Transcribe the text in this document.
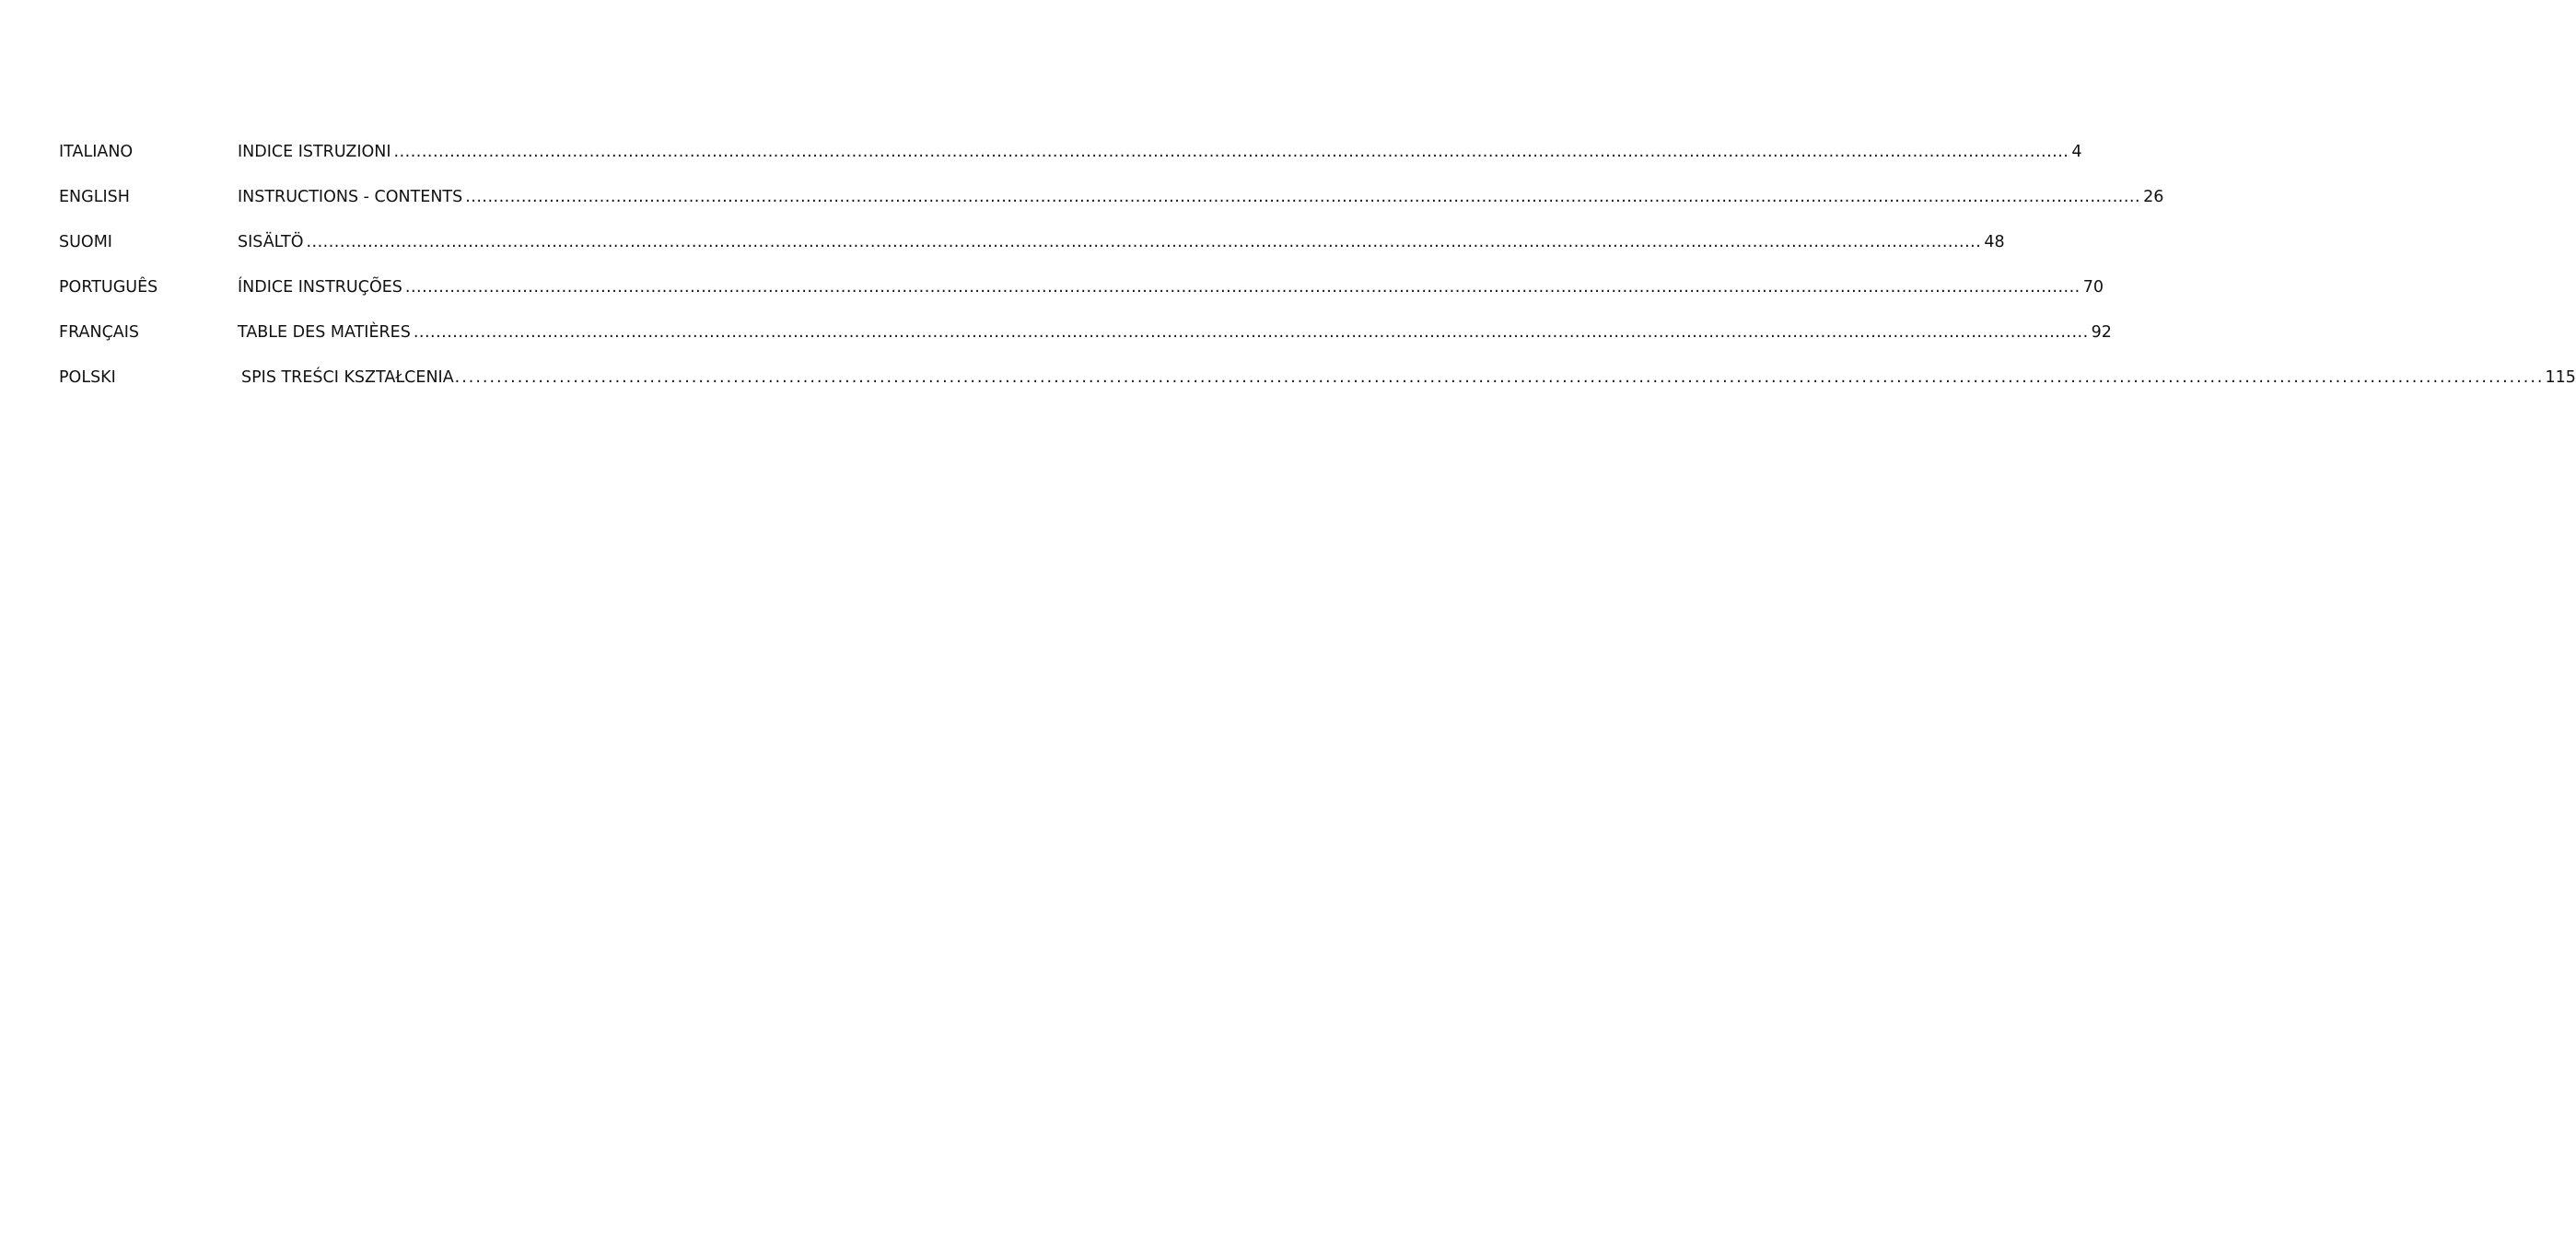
ITALIANO	INDICE ISTRUZIONI ............................................................................................................................................................................................................................................................................................................ 4
ENGLISH	INSTRUCTIONS - CONTENTS ............................................................................................................................................................................................................................................................................................................ 26
SUOMI	SISÄLTÖ ............................................................................................................................................................................................................................................................................................................ 48
PORTUGUÊS	ÍNDICE INSTRUÇÕES ............................................................................................................................................................................................................................................................................................................ 70
FRANÇAIS	TABLE DES MATIÈRES ............................................................................................................................................................................................................................................................................................................ 92
POLSKI	SPIS TREŚCI KSZTAŁCENIA ............................................................................................................................................................................................................................................................................................................ 115
